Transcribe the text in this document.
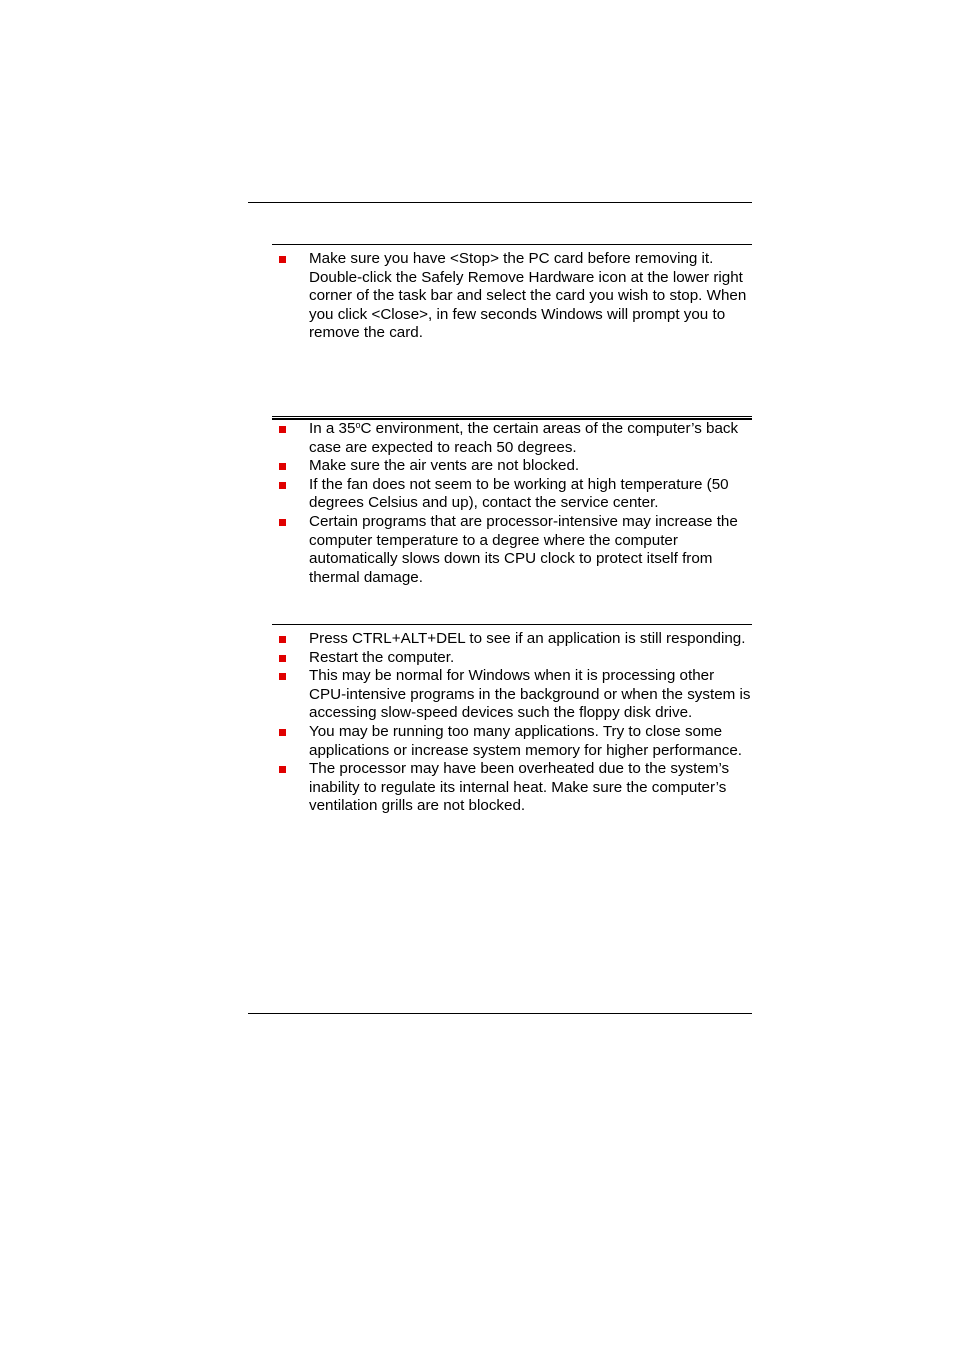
Make sure you have <Stop> the PC card before removing it. Double-click the Safely Remove Hardware icon at the lower right corner of the task bar and select the card you wish to stop. When you click <Close>, in few seconds Windows will prompt you to remove the card.
In a 35$^o$C environment, the certain areas of the computer’s back case are expected to reach 50 degrees.
Make sure the air vents are not blocked.
If the fan does not seem to be working at high temperature (50 degrees Celsius and up), contact the service center.
Certain programs that are processor-intensive may increase the computer temperature to a degree where the computer automatically slows down its CPU clock to protect itself from thermal damage.
Press CTRL+ALT+DEL to see if an application is still responding.
Restart the computer.
This may be normal for Windows when it is processing other CPU-intensive programs in the background or when the system is accessing slow-speed devices such the floppy disk drive.
You may be running too many applications. Try to close some applications or increase system memory for higher performance.
The processor may have been overheated due to the system’s inability to regulate its internal heat. Make sure the computer’s ventilation grills are not blocked.
